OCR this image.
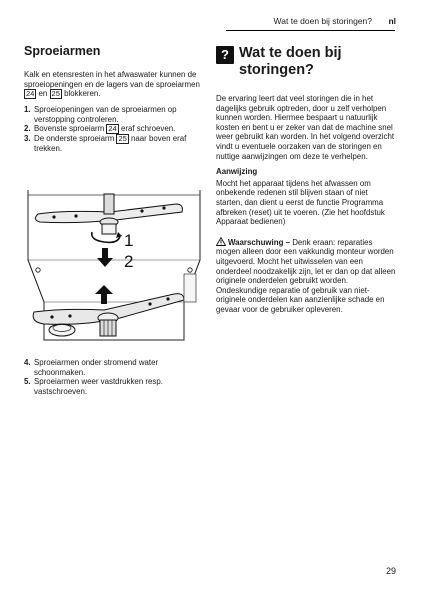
Wat te doen bij storingen? nl
Sproeiarmen

Kalk en etensresten in het afwaswater kunnen de sproeiopeningen en de lagers van de sproeiarmen 24 en 25 blokkeren.

1. Sproeiopeningen van de sproeiarmen op verstopping controleren.
2. Bovenste sproeiarm 24 eraf schroeven.
3. De onderste sproeiarm 25 naar boven eraf trekken.
1
2
4. Sproeiarmen onder stromend water schoonmaken.
5. Sproeiarmen weer vastdrukken resp. vastschroeven.
? Wat te doen bij
storingen?

De ervaring leert dat veel storingen die in het dagelijks gebruik optreden, door u zelf verholpen kunnen worden. Hiermee bespaart u natuurlijk kosten en bent u er zeker van dat de machine snel weer gebruikt kan worden. In het volgend overzicht vindt u eventuele oorzaken van de storingen en nuttige aanwijzingen om deze te verhelpen.

Aanwijzing

Mocht het apparaat tijdens het afwassen om onbekende redenen stil blijven staan of niet starten, dan dient u eerst de functie Programma afbreken (reset) uit te voeren. (Zie het hoofdstuk Apparaat bedienen)

Waarschuwing – Denk eraan: reparaties mogen alleen door een vakkundig monteur worden uitgevoerd. Mocht het uitwisselen van een onderdeel noodzakelijk zijn, let er dan op dat alleen originele onderdelen gebruikt worden. Ondeskundige reparatie of gebruik van niet-originele onderdelen kan aanzienlijke schade en gevaar voor de gebruiker opleveren.

29
